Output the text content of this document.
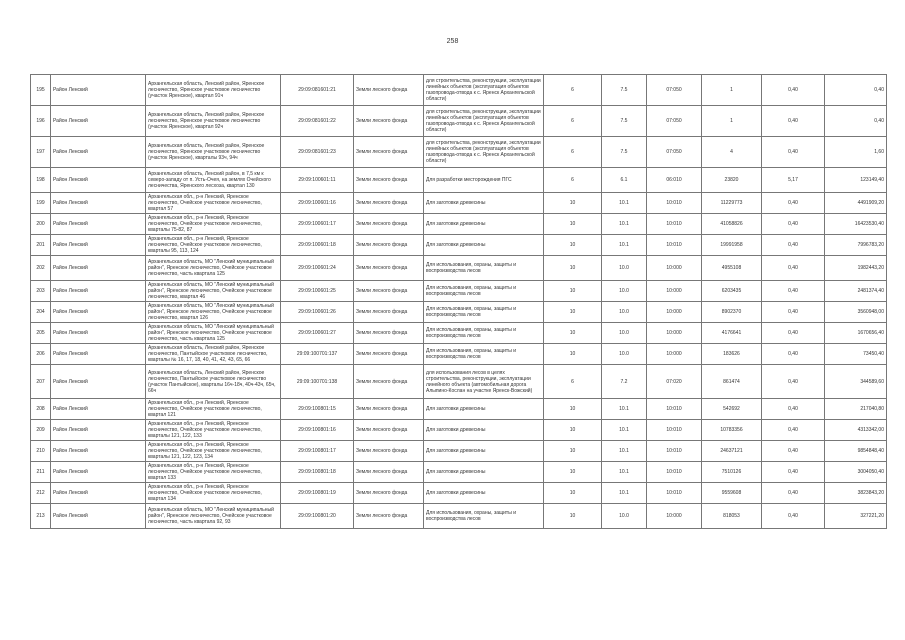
258
195	Район Ленский	Архангельская область, Ленский район, Яренское лесничество, Яренское участковое лесничество (участок Яренское), квартал 91ч	29:09:081601:21	Земли лесного фонда	для строительства, реконструкции, эксплуатации линейных объектов (эксплуатация объектов газопровода-отвода к с. Яренск Архангельской области)	6	7.5	07:050	1	0,40	0,40
196	Район Ленский	Архангельская область, Ленский район, Яренское лесничество, Яренское участковое лесничество (участок Яренское), квартал 92ч	29:09:081601:22	Земли лесного фонда	для строительства, реконструкции, эксплуатации линейных объектов (эксплуатация объектов газопровода-отвода к с. Яренск Архангельской области)	6	7.5	07:050	1	0,40	0,40
197	Район Ленский	Архангельская область, Ленский район, Яренское лесничество, Яренское участковое лесничество (участок Яренское), кварталы 93ч, 94ч	29:09:081601:23	Земли лесного фонда	для строительства, реконструкции, эксплуатации линейных объектов (эксплуатация объектов газопровода-отвода к с. Яренск Архангельской области)	6	7.5	07:050	4	0,40	1,60
198	Район Ленский	Архангельская область, Ленский район, в 7,5 км к северо-западу от п. Усть-Очея, на землях Очейского лесничества, Яренского лесхоза, квартал 130	29:09:100601:11	Земли лесного фонда	Для разработки месторождения ПГС	6	6.1	06:010	23820	5,17	123149,40
199	Район Ленский	Архангельская обл., р-н Ленский, Яренское лесничество, Очейское участковое лесничество, квартал 57	29:09:100601:16	Земли лесного фонда	Для заготовки древесины	10	10.1	10:010	11229773	0,40	4491909,20
200	Район Ленский	Архангельская обл., р-н Ленский, Яренское лесничество, Очейское участковое лесничество, кварталы 75-82, 87	29:09:100601:17	Земли лесного фонда	Для заготовки древесины	10	10.1	10:010	41058826	0,40	16423530,40
201	Район Ленский	Архангельская обл., р-н Ленский, Яренское лесничество, Очейское участковое лесничество, кварталы 95, 113, 124	29:09:100601:18	Земли лесного фонда	Для заготовки древесины	10	10.1	10:010	19991958	0,40	7996783,20
202	Район Ленский	Архангельская область, МО "Ленский муниципальный район", Яренское лесничество, Очейское участковое лесничество, часть квартала 125	29:09:100601:24	Земли лесного фонда	Для использования, охраны, защиты и воспроизводства лесов	10	10.0	10:000	4955108	0,40	1982443,20
203	Район Ленский	Архангельская область, МО "Ленский муниципальный район", Яренское лесничество, Очейское участковое лесничество, квартал 46	29:09:100601:25	Земли лесного фонда	Для использования, охраны, защиты и воспроизводства лесов	10	10.0	10:000	6203435	0,40	2481374,40
204	Район Ленский	Архангельская область, МО "Ленский муниципальный район", Яренское лесничество, Очейское участковое лесничество, квартал 126	29:09:100601:26	Земли лесного фонда	Для использования, охраны, защиты и воспроизводства лесов	10	10.0	10:000	8902370	0,40	3560948,00
205	Район Ленский	Архангельская область, МО "Ленский муниципальный район", Яренское лесничество, Очейское участковое лесничество, часть квартала 125	29:09:100601:27	Земли лесного фонда	Для использования, охраны, защиты и воспроизводства лесов	10	10.0	10:000	4176641	0,40	1670656,40
206	Район Ленский	Архангельская область, Ленский район, Яренское лесничество, Пантыйское участковое лесничество, кварталы № 16, 17, 18, 40, 41, 42, 43, 65, 66	29:09:100701:137	Земли лесного фонда	Для использования, охраны, защиты и воспроизводства лесов	10	10.0	10:000	183626	0,40	73450,40
207	Район Ленский	Архангельская область, Ленский район, Яренское лесничество, Пантыйское участковое лесничество (участок Пантыйское), кварталы 16ч-18ч, 40ч-43ч, 65ч, 66ч	29:09:100701:138	Земли лесного фонда	для использования лесов в целях строительства, реконструкции, эксплуатации линейного объекта (автомобильная дорога Алыпино-Кослан на участке Яренск-Вожский)	6	7.2	07:020	861474	0,40	344589,60
208	Район Ленский	Архангельская обл., р-н Ленский, Яренское лесничество, Очейское участковое лесничество, квартал 121	29:09:100801:15	Земли лесного фонда	Для заготовки древесины	10	10.1	10:010	542692	0,40	217040,80
209	Район Ленский	Архангельская обл., р-н Ленский, Яренское лесничество, Очейское участковое лесничество, кварталы 121, 122, 133	29:09:100801:16	Земли лесного фонда	Для заготовки древесины	10	10.1	10:010	10783356	0,40	4313342,00
210	Район Ленский	Архангельская обл., р-н Ленский, Яренское лесничество, Очейское участковое лесничество, кварталы 121, 122, 123, 134	29:09:100801:17	Земли лесного фонда	Для заготовки древесины	10	10.1	10:010	24637121	0,40	9854848,40
211	Район Ленский	Архангельская обл., р-н Ленский, Яренское лесничество, Очейское участковое лесничество, квартал 133	29:09:100801:18	Земли лесного фонда	Для заготовки древесины	10	10.1	10:010	7510126	0,40	3004050,40
212	Район Ленский	Архангельская обл., р-н Ленский, Яренское лесничество, Очейское участковое лесничество, квартал 134	29:09:100801:19	Земли лесного фонда	Для заготовки древесины	10	10.1	10:010	9559608	0,40	3823843,20
213	Район Ленский	Архангельская область, МО "Ленский муниципальный район", Яренское лесничество, Очейское участковое лесничество, часть квартала 92, 93	29:09:100801:20	Земли лесного фонда	Для использования, охраны, защиты и воспроизводства лесов	10	10.0	10:000	818053	0,40	327221,20
